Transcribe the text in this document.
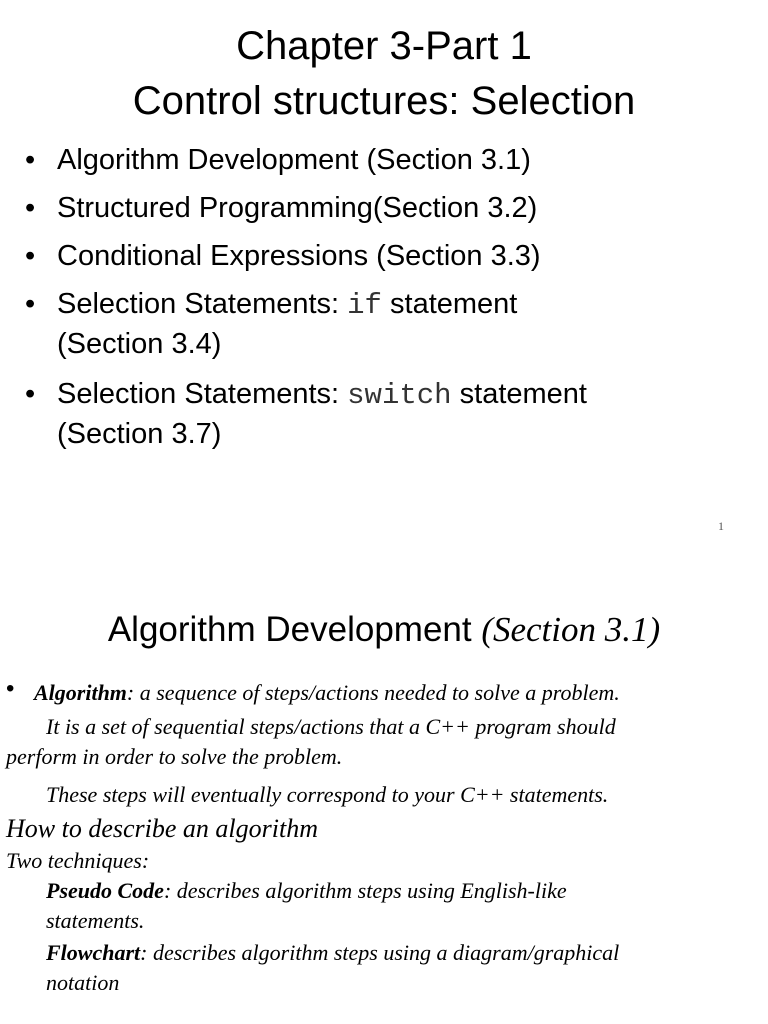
Chapter 3-Part 1
Control structures: Selection
• Algorithm Development (Section 3.1)
• Structured Programming(Section 3.2)
• Conditional Expressions (Section 3.3)
• Selection Statements: if statement
(Section 3.4)
• Selection Statements: switch statement
(Section 3.7)
1
Algorithm Development (Section 3.1)
• Algorithm: a sequence of steps/actions needed to solve a problem.
It is a set of sequential steps/actions that a C++ program should
perform in order to solve the problem.
These steps will eventually correspond to your C++ statements.
How to describe an algorithm
Two techniques:
Pseudo Code: describes algorithm steps using English-like
statements.
Flowchart: describes algorithm steps using a diagram/graphical
notation
